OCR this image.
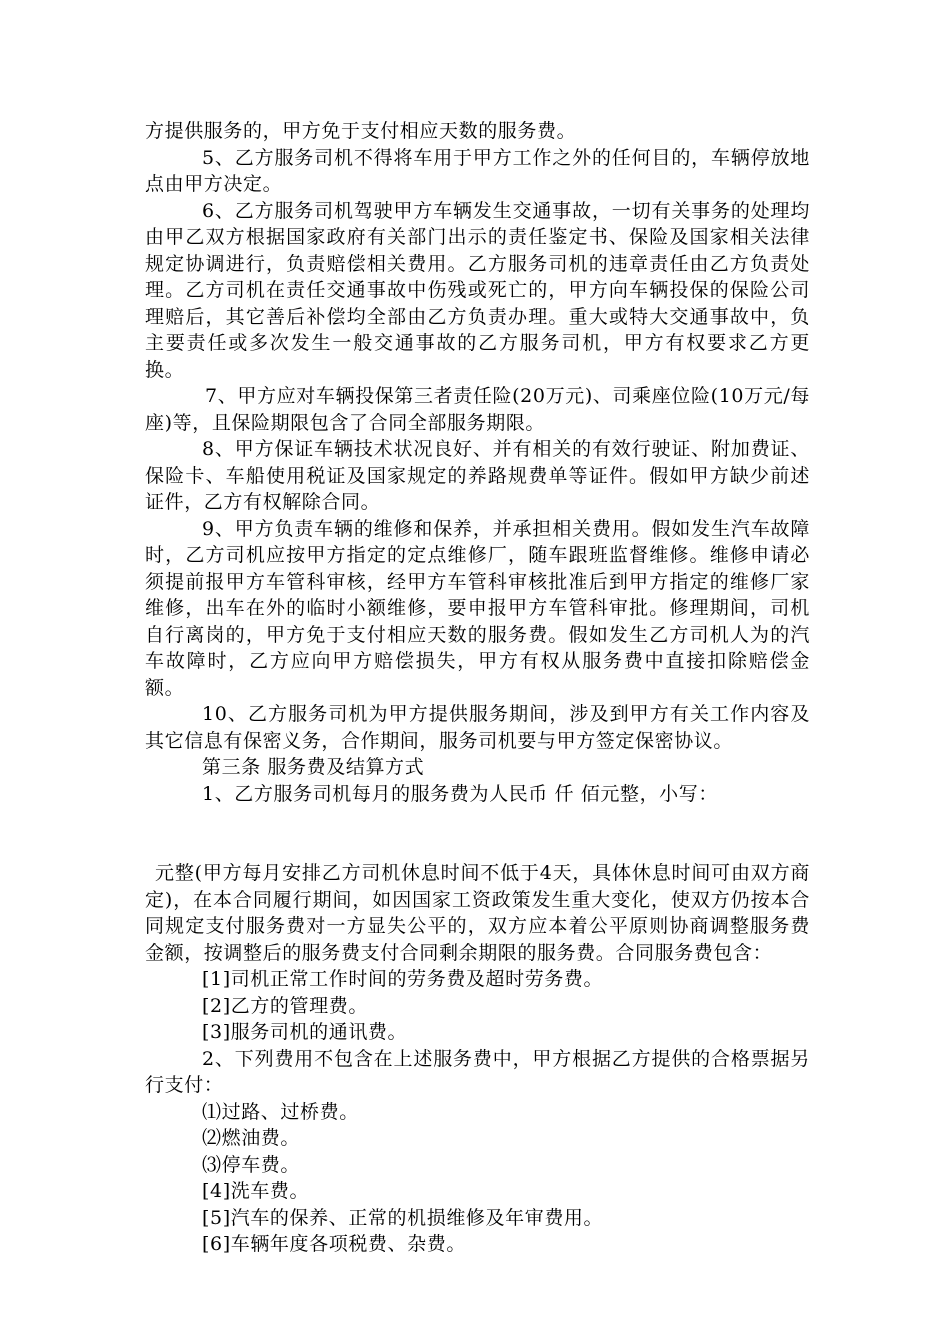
方提供服务的，甲方免于支付相应天数的服务费。

5、乙方服务司机不得将车用于甲方工作之外的任何目的，车辆停放地点由甲方决定。

6、乙方服务司机驾驶甲方车辆发生交通事故，一切有关事务的处理均由甲乙双方根据国家政府有关部门出示的责任鉴定书、保险及国家相关法律规定协调进行，负责赔偿相关费用。乙方服务司机的违章责任由乙方负责处理。乙方司机在责任交通事故中伤残或死亡的，甲方向车辆投保的保险公司理赔后，其它善后补偿均全部由乙方负责办理。重大或特大交通事故中，负主要责任或多次发生一般交通事故的乙方服务司机，甲方有权要求乙方更换。

7、甲方应对车辆投保第三者责任险(20万元)、司乘座位险(10万元/每座)等，且保险期限包含了合同全部服务期限。

8、甲方保证车辆技术状况良好、并有相关的有效行驶证、附加费证、保险卡、车船使用税证及国家规定的养路规费单等证件。假如甲方缺少前述证件，乙方有权解除合同。

9、甲方负责车辆的维修和保养，并承担相关费用。假如发生汽车故障时，乙方司机应按甲方指定的定点维修厂，随车跟班监督维修。维修申请必须提前报甲方车管科审核，经甲方车管科审核批准后到甲方指定的维修厂家维修，出车在外的临时小额维修，要申报甲方车管科审批。修理期间，司机自行离岗的，甲方免于支付相应天数的服务费。假如发生乙方司机人为的汽车故障时，乙方应向甲方赔偿损失，甲方有权从服务费中直接扣除赔偿金额。

10、乙方服务司机为甲方提供服务期间，涉及到甲方有关工作内容及其它信息有保密义务，合作期间，服务司机要与甲方签定保密协议。

第三条 服务费及结算方式

1、乙方服务司机每月的服务费为人民币 仟 佰元整，小写：

元整(甲方每月安排乙方司机休息时间不低于4天，具体休息时间可由双方商定)，在本合同履行期间，如因国家工资政策发生重大变化，使双方仍按本合同规定支付服务费对一方显失公平的，双方应本着公平原则协商调整服务费金额，按调整后的服务费支付合同剩余期限的服务费。合同服务费包含：

[1]司机正常工作时间的劳务费及超时劳务费。

[2]乙方的管理费。

[3]服务司机的通讯费。

2、下列费用不包含在上述服务费中，甲方根据乙方提供的合格票据另行支付：

⑴过路、过桥费。

⑵燃油费。

⑶停车费。

[4]洗车费。

[5]汽车的保养、正常的机损维修及年审费用。

[6]车辆年度各项税费、杂费。
